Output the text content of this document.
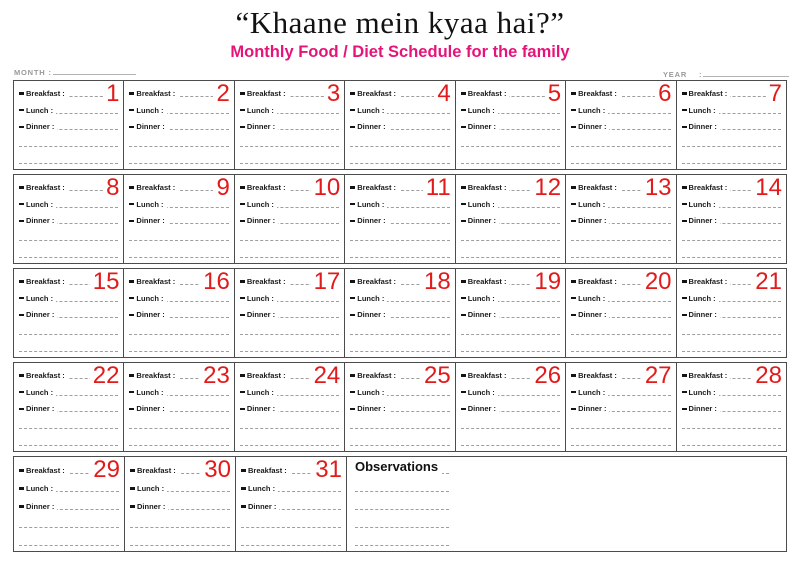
“Khaane mein kyaa hai?”
Monthly Food / Diet Schedule for the family
MONTH :	YEAR :
1
Breakfast :
Lunch :
Dinner :
2
Breakfast :
Lunch :
Dinner :
3
Breakfast :
Lunch :
Dinner :
4
Breakfast :
Lunch :
Dinner :
5
Breakfast :
Lunch :
Dinner :
6
Breakfast :
Lunch :
Dinner :
7
Breakfast :
Lunch :
Dinner :
8
Breakfast :
Lunch :
Dinner :
9
Breakfast :
Lunch :
Dinner :
10
Breakfast :
Lunch :
Dinner :
11
Breakfast :
Lunch :
Dinner :
12
Breakfast :
Lunch :
Dinner :
13
Breakfast :
Lunch :
Dinner :
14
Breakfast :
Lunch :
Dinner :
15
Breakfast :
Lunch :
Dinner :
16
Breakfast :
Lunch :
Dinner :
17
Breakfast :
Lunch :
Dinner :
18
Breakfast :
Lunch :
Dinner :
19
Breakfast :
Lunch :
Dinner :
20
Breakfast :
Lunch :
Dinner :
21
Breakfast :
Lunch :
Dinner :
22
Breakfast :
Lunch :
Dinner :
23
Breakfast :
Lunch :
Dinner :
24
Breakfast :
Lunch :
Dinner :
25
Breakfast :
Lunch :
Dinner :
26
Breakfast :
Lunch :
Dinner :
27
Breakfast :
Lunch :
Dinner :
28
Breakfast :
Lunch :
Dinner :
29
Breakfast :
Lunch :
Dinner :
30
Breakfast :
Lunch :
Dinner :
31
Breakfast :
Lunch :
Dinner :
Observations
